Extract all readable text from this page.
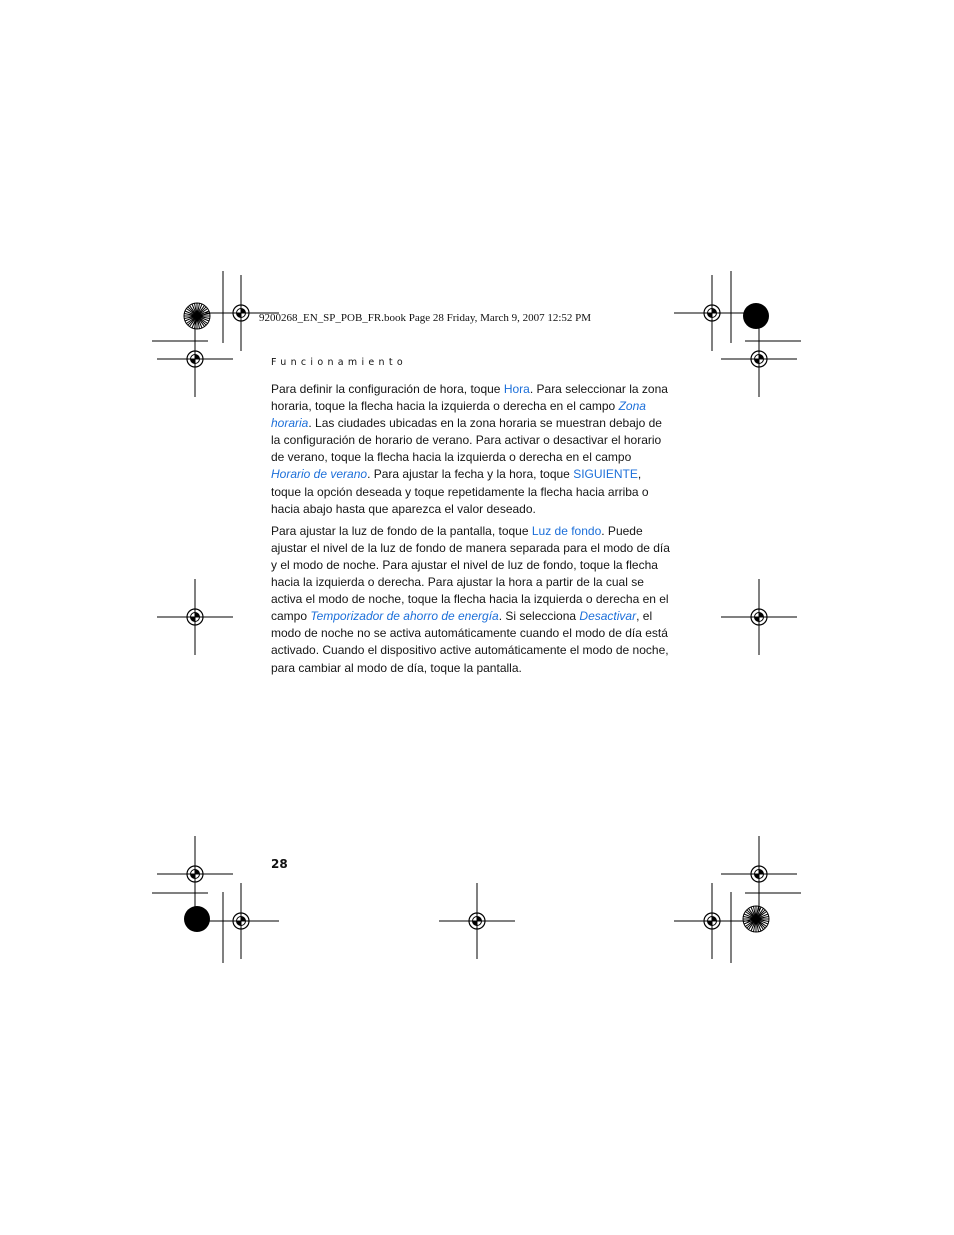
9200268_EN_SP_POB_FR.book Page 28 Friday, March 9, 2007 12:52 PM
Funcionamiento

Para definir la configuración de hora, toque Hora. Para seleccionar la zona horaria, toque la flecha hacia la izquierda o derecha en el campo Zona horaria. Las ciudades ubicadas en la zona horaria se muestran debajo de la configuración de horario de verano. Para activar o desactivar el horario de verano, toque la flecha hacia la izquierda o derecha en el campo Horario de verano. Para ajustar la fecha y la hora, toque SIGUIENTE, toque la opción deseada y toque repetidamente la flecha hacia arriba o hacia abajo hasta que aparezca el valor deseado.

Para ajustar la luz de fondo de la pantalla, toque Luz de fondo. Puede ajustar el nivel de la luz de fondo de manera separada para el modo de día y el modo de noche. Para ajustar el nivel de luz de fondo, toque la flecha hacia la izquierda o derecha. Para ajustar la hora a partir de la cual se activa el modo de noche, toque la flecha hacia la izquierda o derecha en el campo Temporizador de ahorro de energía. Si selecciona Desactivar, el modo de noche no se activa automáticamente cuando el modo de día está activado. Cuando el dispositivo active automáticamente el modo de noche, para cambiar al modo de día, toque la pantalla.

28
